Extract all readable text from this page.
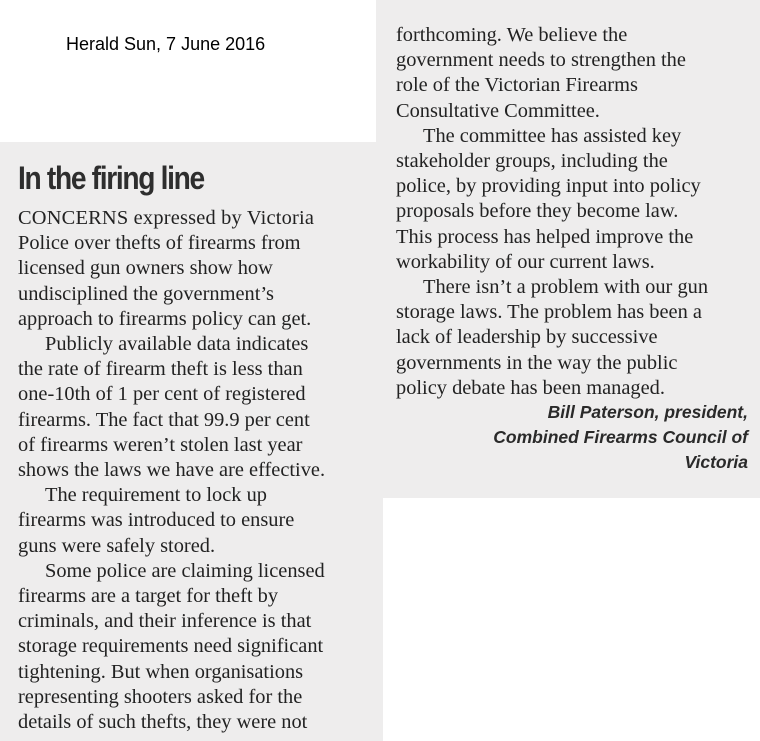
Herald Sun, 7 June 2016
In the firing line

CONCERNS expressed by Victoria
Police over thefts of firearms from
licensed gun owners show how
undisciplined the government’s
approach to firearms policy can get.

Publicly available data indicates
the rate of firearm theft is less than
one-10th of 1 per cent of registered
firearms. The fact that 99.9 per cent
of firearms weren’t stolen last year
shows the laws we have are effective.

The requirement to lock up
firearms was introduced to ensure
guns were safely stored.

Some police are claiming licensed
firearms are a target for theft by
criminals, and their inference is that
storage requirements need significant
tightening. But when organisations
representing shooters asked for the
details of such thefts, they were not

forthcoming. We believe the
government needs to strengthen the
role of the Victorian Firearms
Consultative Committee.

The committee has assisted key
stakeholder groups, including the
police, by providing input into policy
proposals before they become law.
This process has helped improve the
workability of our current laws.

There isn’t a problem with our gun
storage laws. The problem has been a
lack of leadership by successive
governments in the way the public
policy debate has been managed.

Bill Paterson, president,
Combined Firearms Council of
Victoria
